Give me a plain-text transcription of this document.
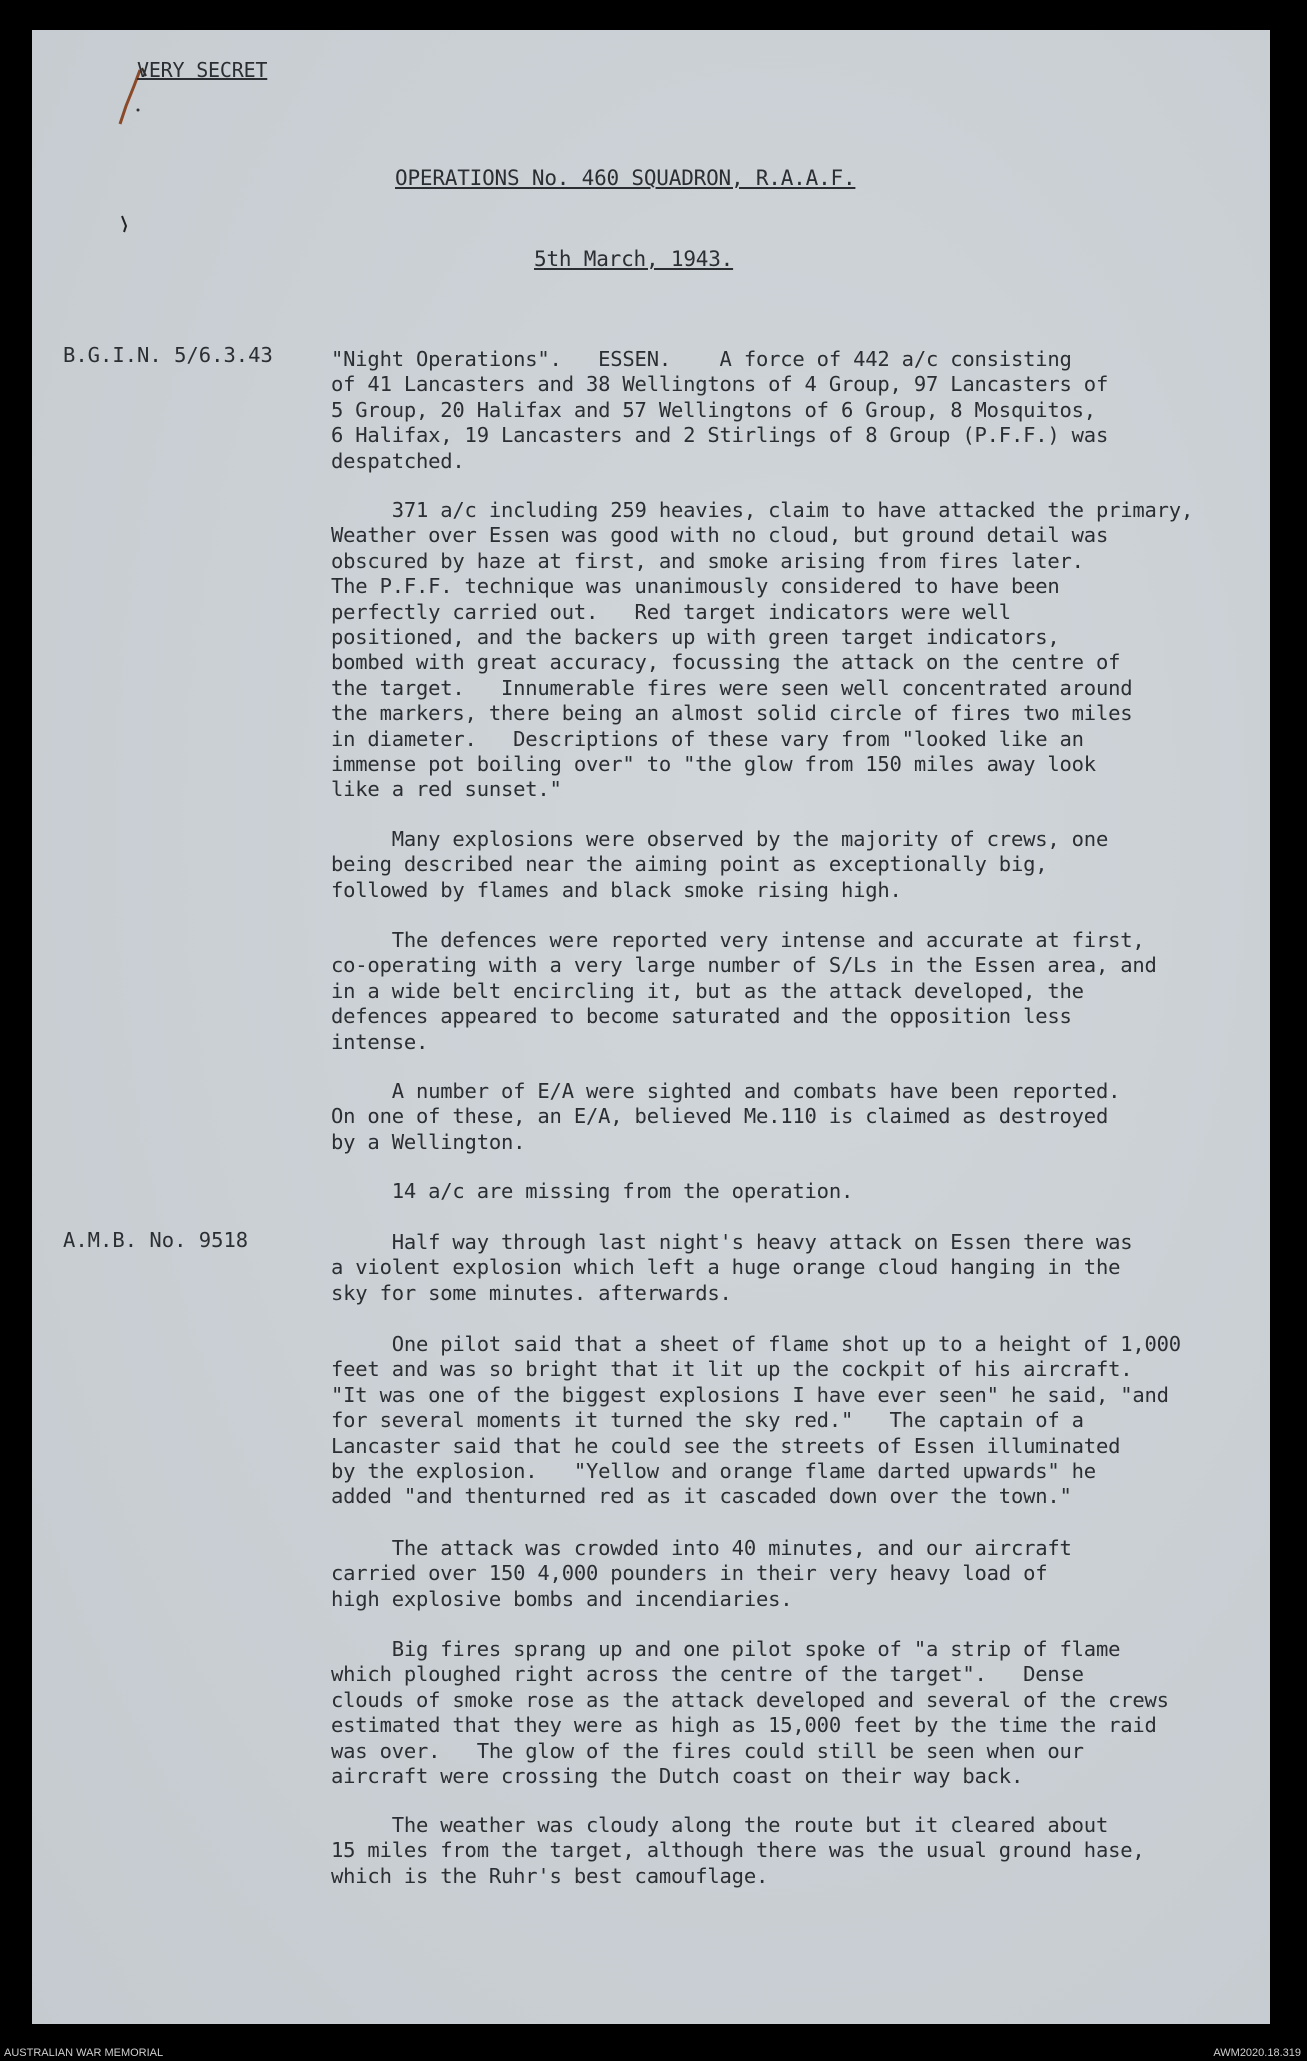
VERY SECRET
OPERATIONS No. 460 SQUADRON, R.A.A.F.
5th March, 1943.
B.G.I.N. 5/6.3.43	"Night Operations".   ESSEN.    A force of 442 a/c consisting
of 41 Lancasters and 38 Wellingtons of 4 Group, 97 Lancasters of
5 Group, 20 Halifax and 57 Wellingtons of 6 Group, 8 Mosquitos,
6 Halifax, 19 Lancasters and 2 Stirlings of 8 Group (P.F.F.) was
despatched.
371 a/c including 259 heavies, claim to have attacked the primary,
Weather over Essen was good with no cloud, but ground detail was
obscured by haze at first, and smoke arising from fires later.
The P.F.F. technique was unanimously considered to have been
perfectly carried out.   Red target indicators were well
positioned, and the backers up with green target indicators,
bombed with great accuracy, focussing the attack on the centre of
the target.   Innumerable fires were seen well concentrated around
the markers, there being an almost solid circle of fires two miles
in diameter.   Descriptions of these vary from "looked like an
immense pot boiling over" to "the glow from 150 miles away look
like a red sunset."
Many explosions were observed by the majority of crews, one
being described near the aiming point as exceptionally big,
followed by flames and black smoke rising high.
The defences were reported very intense and accurate at first,
co-operating with a very large number of S/Ls in the Essen area, and
in a wide belt encircling it, but as the attack developed, the
defences appeared to become saturated and the opposition less
intense.
A number of E/A were sighted and combats have been reported.
On one of these, an E/A, believed Me.110 is claimed as destroyed
by a Wellington.
14 a/c are missing from the operation.
A.M.B. No. 9518	Half way through last night's heavy attack on Essen there was
a violent explosion which left a huge orange cloud hanging in the
sky for some minutes. afterwards.
One pilot said that a sheet of flame shot up to a height of 1,000
feet and was so bright that it lit up the cockpit of his aircraft.
"It was one of the biggest explosions I have ever seen" he said, "and
for several moments it turned the sky red."   The captain of a
Lancaster said that he could see the streets of Essen illuminated
by the explosion.   "Yellow and orange flame darted upwards" he
added "and thenturned red as it cascaded down over the town."
The attack was crowded into 40 minutes, and our aircraft
carried over 150 4,000 pounders in their very heavy load of
high explosive bombs and incendiaries.
Big fires sprang up and one pilot spoke of "a strip of flame
which ploughed right across the centre of the target".   Dense
clouds of smoke rose as the attack developed and several of the crews
estimated that they were as high as 15,000 feet by the time the raid
was over.   The glow of the fires could still be seen when our
aircraft were crossing the Dutch coast on their way back.
The weather was cloudy along the route but it cleared about
15 miles from the target, although there was the usual ground hase,
which is the Ruhr's best camouflage.
AUSTRALIAN WAR MEMORIAL	AWM2020.18.319
